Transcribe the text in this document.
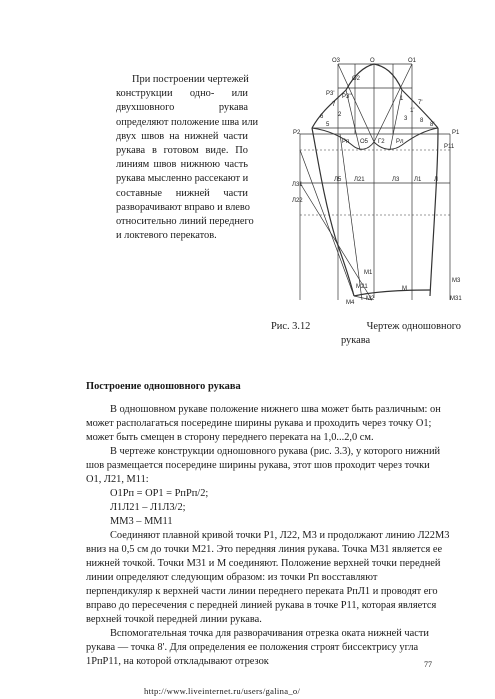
При построении чертежей
конструкции одно- или
двухшовного рукава
определяют положение шва или
двух швов на нижней части
рукава в готовом виде. По
линиям швов нижнюю часть
рукава мысленно рассекают и
составные нижней части
разворачивают вправо и влево
относительно линий переднего
и локтевого перекатов.
O3	O	O1
O2
P3' P3''	1
7'
1'
7
6 2
5
8
3
8'
P2	P1
P11
Pп O5 Г2 Pл
Л31
Л5 Л21	Л3 Л1 Л
Л22
M1
M21
M2
M4
M
M3
M31
Рис. 3.12	Чертеж одношовного
рукава
Построение одношовного рукава
В одношовном рукаве положение нижнего шва может быть различным: он
может располагаться посередине ширины рукава и проходить через точку O1;
может быть смещен в сторону переднего переката на 1,0...2,0 см.
В чертеже конструкции одношовного рукава (рис. 3.3), у которого нижний
шов размещается посередине ширины рукава, этот шов проходит через точки
O1, Л21, M11:
O1Pп = OP1 = PпPп/2;
Л1Л21 – Л1Л3/2;
MM3 – MM11
Соединяют плавной кривой точки P1, Л22, M3 и продолжают линию Л22M3
вниз на 0,5 см до точки M21. Это передняя линия рукава. Точка M31 является ее
нижней точкой. Точки M31 и M соединяют. Положение верхней точки передней
линии определяют следующим образом: из точки Pп восставляют
перпендикуляр к верхней части линии переднего переката PпЛ1 и проводят его
вправо до пересечения с передней линией рукава в точке P11, которая является
верхней точкой передней линии рукава.
Вспомогательная точка для разворачивания отрезка оката нижней части
рукава — точка 8'. Для определения ее положения строят биссектрису угла
1PпP11, на которой откладывают отрезок	77
http://www.liveinternet.ru/users/galina_o/
